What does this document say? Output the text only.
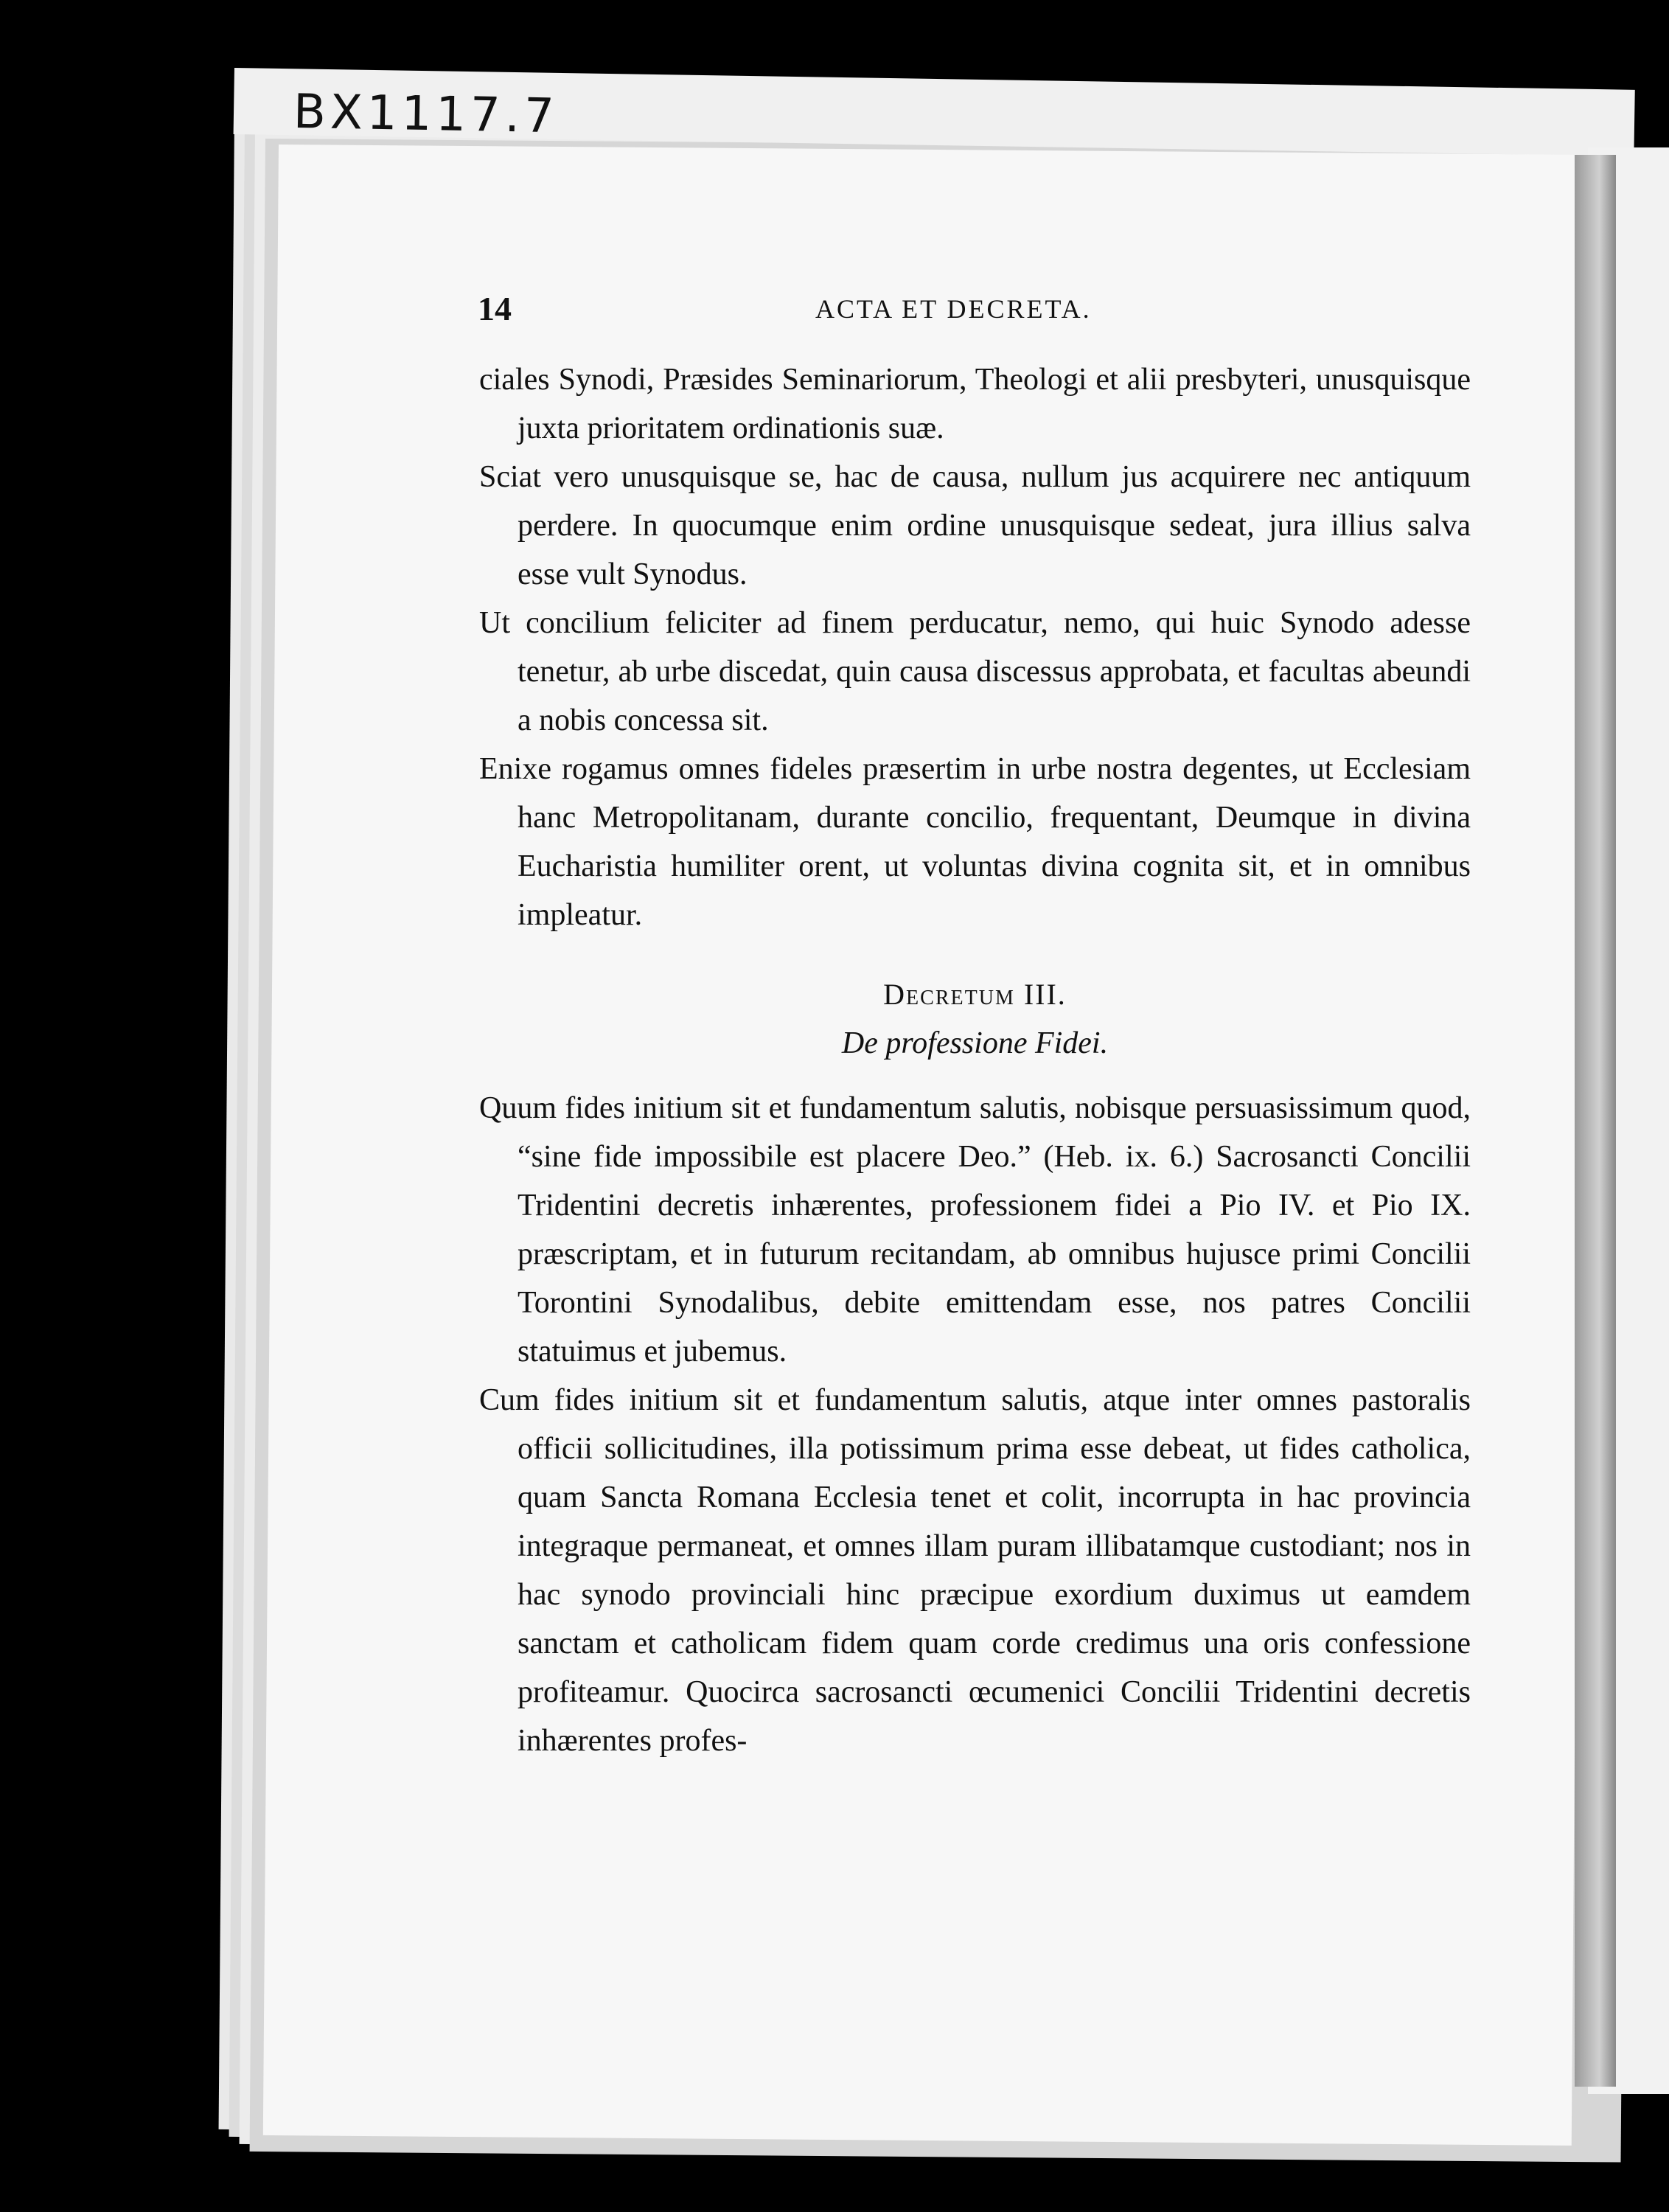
BX1117.7
14	ACTA ET DECRETA.

ciales Synodi, Præsides Seminariorum, Theologi et alii presbyteri, unusquisque juxta prioritatem ordinationis suæ.

Sciat vero unusquisque se, hac de causa, nullum jus acquirere nec antiquum perdere. In quocumque enim ordine unusquisque sedeat, jura illius salva esse vult Synodus.

Ut concilium feliciter ad finem perducatur, nemo, qui huic Synodo adesse tenetur, ab urbe discedat, quin causa discessus approbata, et facultas abeundi a nobis concessa sit.

Enixe rogamus omnes fideles præsertim in urbe nostra degentes, ut Ecclesiam hanc Metropolitanam, durante concilio, frequentant, Deumque in divina Eucharistia humiliter orent, ut voluntas divina cognita sit, et in omnibus impleatur.

Decretum III.
De professione Fidei.

Quum fides initium sit et fundamentum salutis, nobisque persuasissimum quod, “sine fide impossibile est placere Deo.” (Heb. ix. 6.) Sacrosancti Concilii Tridentini decretis inhærentes, professionem fidei a Pio IV. et Pio IX. præscriptam, et in futurum recitandam, ab omnibus hujusce primi Concilii Torontini Synodalibus, debite emittendam esse, nos patres Concilii statuimus et jubemus.

Cum fides initium sit et fundamentum salutis, atque inter omnes pastoralis officii sollicitudines, illa potissimum prima esse debeat, ut fides catholica, quam Sancta Romana Ecclesia tenet et colit, incorrupta in hac provincia integraque permaneat, et omnes illam puram illibatamque custodiant; nos in hac synodo provinciali hinc præcipue exordium duximus ut eamdem sanctam et catholicam fidem quam corde credimus una oris confessione profiteamur. Quocirca sacrosancti œcumenici Concilii Tridentini decretis inhærentes profes-
